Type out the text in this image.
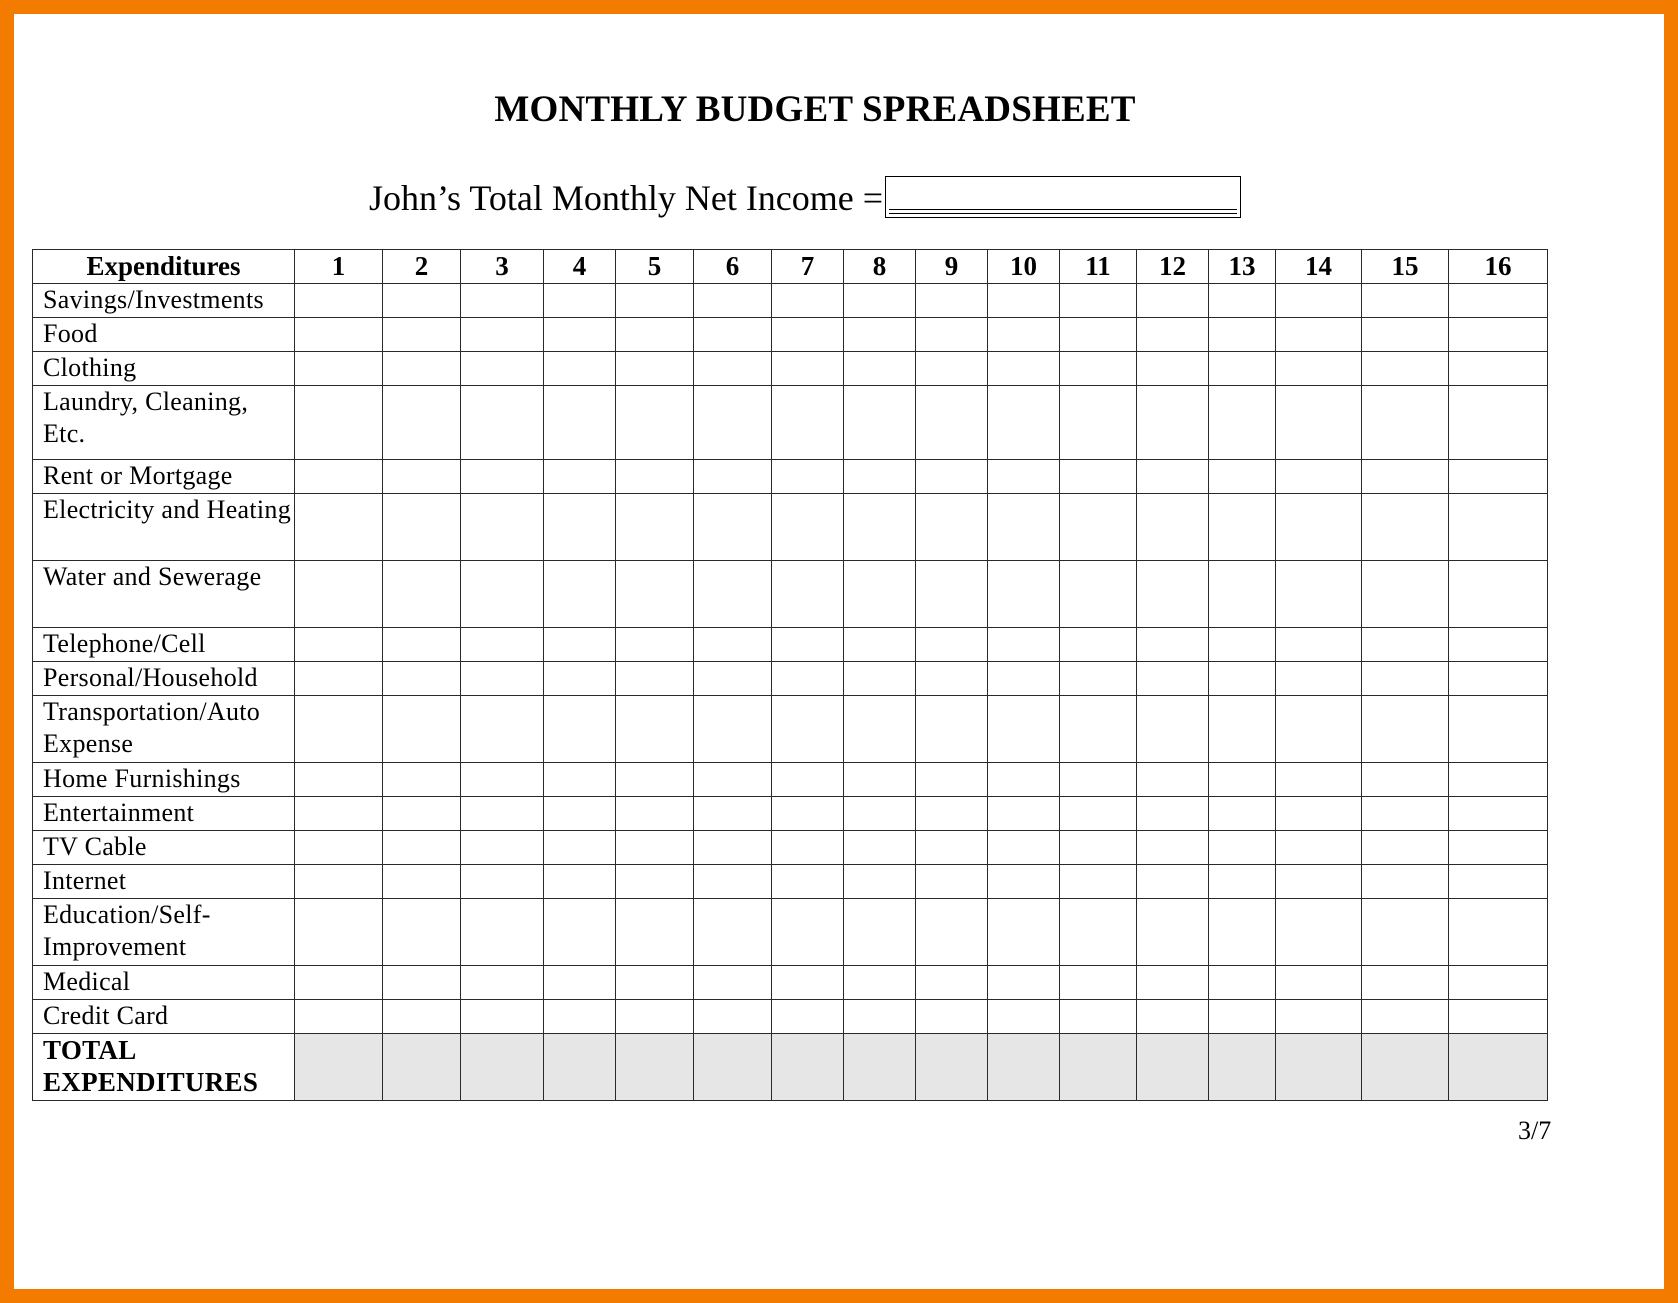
MONTHLY BUDGET SPREADSHEET
John’s Total Monthly Net Income =
Expenditures	1	2	3	4	5	6	7	8	9	10	11	12	13	14	15	16
Savings/Investments																
Food																
Clothing																
Laundry, Cleaning, Etc.																
Rent or Mortgage																
Electricity and Heating																
Water and Sewerage																
Telephone/Cell																
Personal/Household																
Transportation/Auto Expense																
Home Furnishings																
Entertainment																
TV Cable																
Internet																
Education/Self-Improvement																
Medical																
Credit Card																
TOTAL EXPENDITURES																
3/7
